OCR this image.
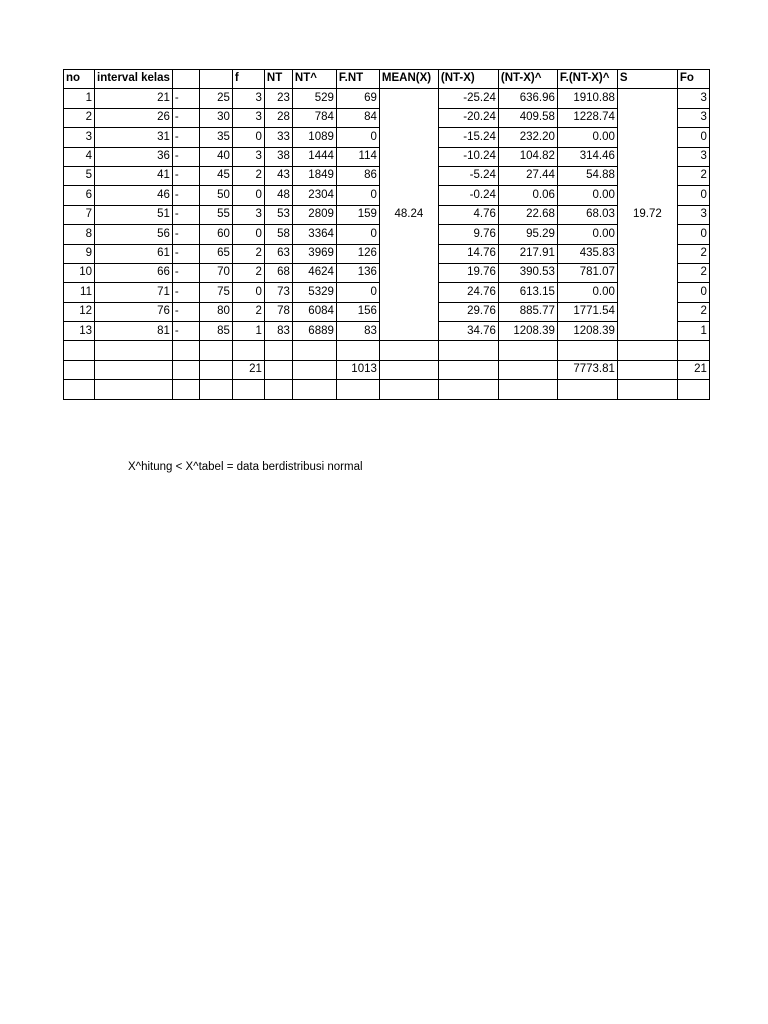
no	interval kelas			f	NT	NT^	F.NT	MEAN(X)	(NT-X)	(NT-X)^	F.(NT-X)^	S	Fo
1	21	-	25	3	23	529	69	48.24	-25.24	636.96	1910.88	19.72	3
2	26	-	30	3	28	784	84		-20.24	409.58	1228.74		3
3	31	-	35	0	33	1089	0		-15.24	232.20	0.00		0
4	36	-	40	3	38	1444	114		-10.24	104.82	314.46		3
5	41	-	45	2	43	1849	86		-5.24	27.44	54.88		2
6	46	-	50	0	48	2304	0		-0.24	0.06	0.00		0
7	51	-	55	3	53	2809	159		4.76	22.68	68.03		3
8	56	-	60	0	58	3364	0		9.76	95.29	0.00		0
9	61	-	65	2	63	3969	126		14.76	217.91	435.83		2
10	66	-	70	2	68	4624	136		19.76	390.53	781.07		2
11	71	-	75	0	73	5329	0		24.76	613.15	0.00		0
12	76	-	80	2	78	6084	156		29.76	885.77	1771.54		2
13	81	-	85	1	83	6889	83		34.76	1208.39	1208.39		1

				21			1013				7773.81		21

X^hitung < X^tabel = data berdistribusi normal
